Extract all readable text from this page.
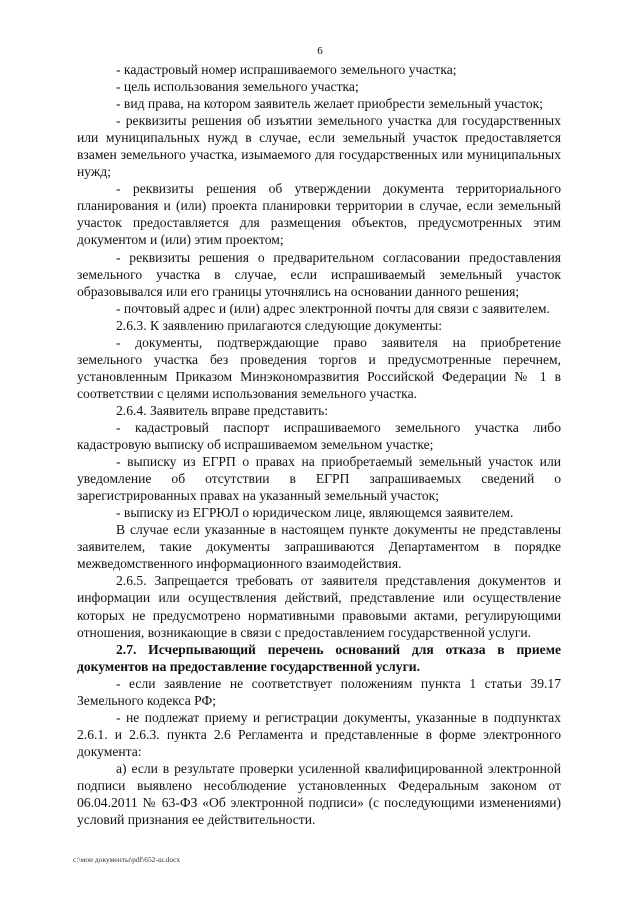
6

- кадастровый номер испрашиваемого земельного участка;

- цель использования земельного участка;

- вид права, на котором заявитель желает приобрести земельный участок;

- реквизиты решения об изъятии земельного участка для государственных или муниципальных нужд в случае, если земельный участок предоставляется взамен земельного участка, изымаемого для государственных или муниципальных нужд;

- реквизиты решения об утверждении документа территориального планирования и (или) проекта планировки территории в случае, если земельный участок предоставляется для размещения объектов, предусмотренных этим документом и (или) этим проектом;

- реквизиты решения о предварительном согласовании предоставления земельного участка в случае, если испрашиваемый земельный участок образовывался или его границы уточнялись на основании данного решения;

- почтовый адрес и (или) адрес электронной почты для связи с заявителем.

2.6.3. К заявлению прилагаются следующие документы:

- документы, подтверждающие право заявителя на приобретение земельного участка без проведения торгов и предусмотренные перечнем, установленным Приказом Минэкономразвития Российской Федерации № 1 в соответствии с целями использования земельного участка.

2.6.4. Заявитель вправе представить:

- кадастровый паспорт испрашиваемого земельного участка либо кадастровую выписку об испрашиваемом земельном участке;

- выписку из ЕГРП о правах на приобретаемый земельный участок или уведомление об отсутствии в ЕГРП запрашиваемых сведений о зарегистрированных правах на указанный земельный участок;

- выписку из ЕГРЮЛ о юридическом лице, являющемся заявителем.

В случае если указанные в настоящем пункте документы не представлены заявителем, такие документы запрашиваются Департаментом в порядке межведомственного информационного взаимодействия.

2.6.5. Запрещается требовать от заявителя представления документов и информации или осуществления действий, представление или осуществление которых не предусмотрено нормативными правовыми актами, регулирующими отношения, возникающие в связи с предоставлением государственной услуги.

2.7. Исчерпывающий перечень оснований для отказа в приеме документов на предоставление государственной услуги.

- если заявление не соответствует положениям пункта 1 статьи 39.17 Земельного кодекса РФ;

- не подлежат приему и регистрации документы, указанные в подпунктах 2.6.1. и 2.6.3. пункта 2.6 Регламента и представленные в форме электронного документа:

а) если в результате проверки усиленной квалифицированной электронной подписи выявлено несоблюдение установленных Федеральным законом от 06.04.2011 № 63-ФЗ «Об электронной подписи» (с последующими изменениями) условий признания ее действительности.

c:\мои документы\pdf\652-ш.docx
